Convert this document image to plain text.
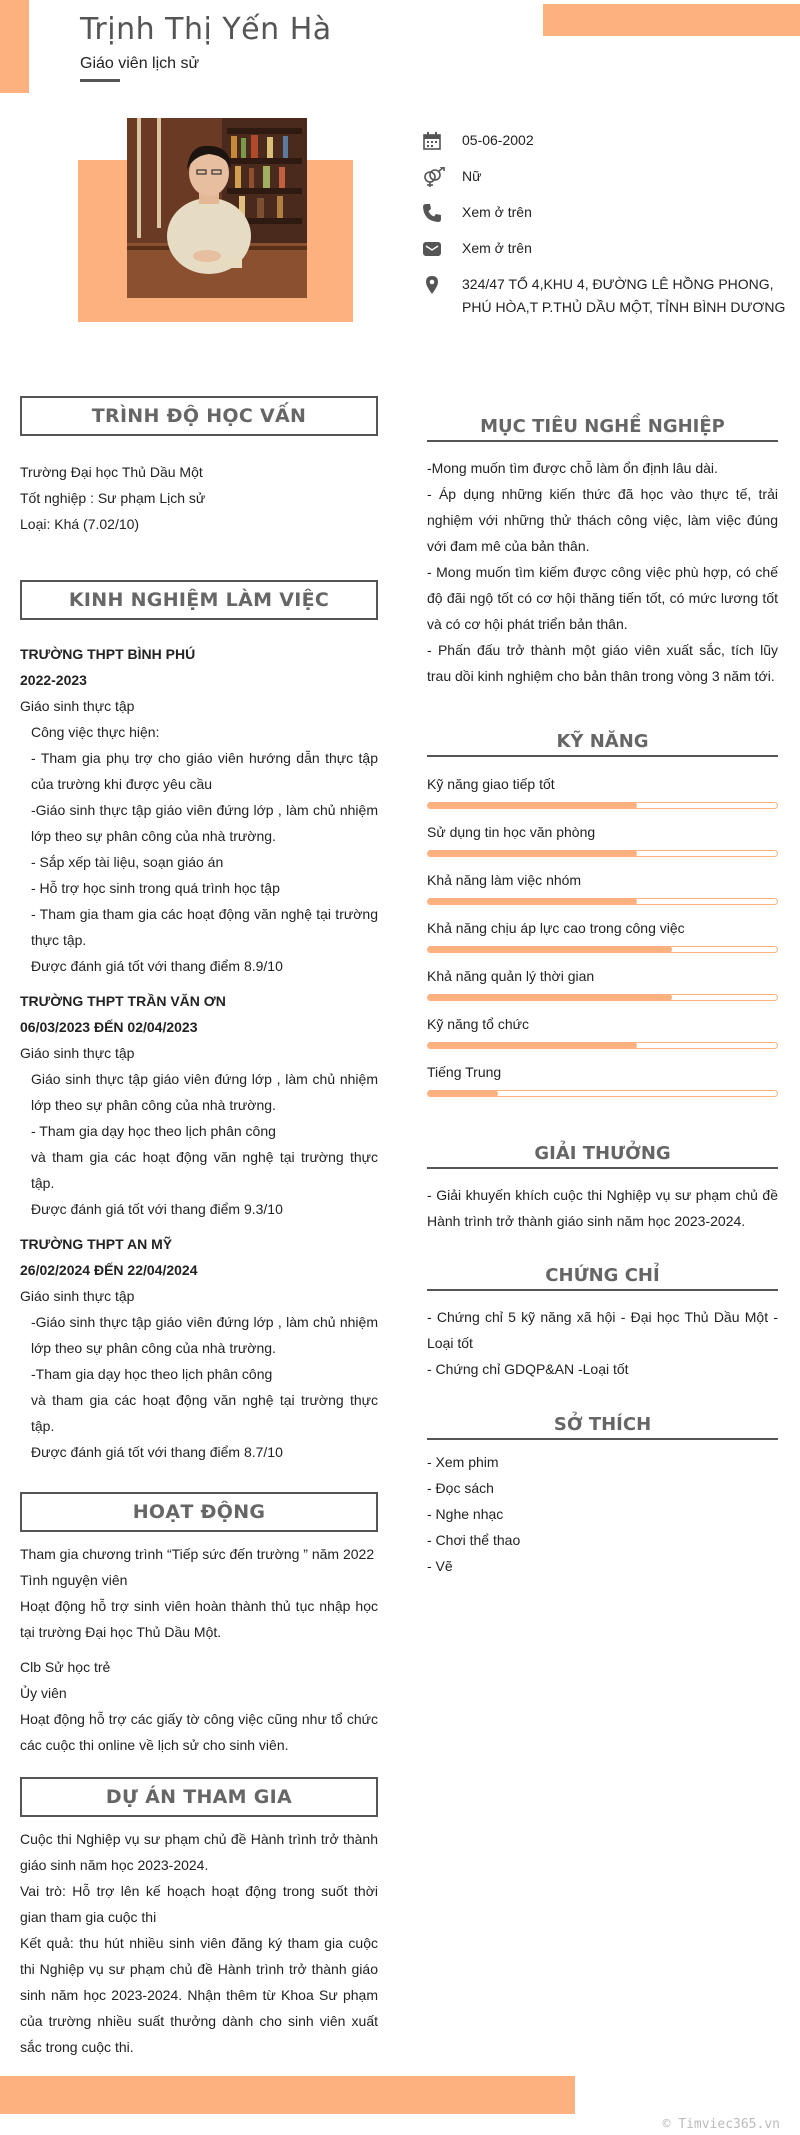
Trịnh Thị Yến Hà
Giáo viên lịch sử
05-06-2002
Nữ
Xem ở trên
Xem ở trên
324/47 TỔ 4,KHU 4, ĐƯỜNG LÊ HỒNG PHONG, PHÚ HÒA,T P.THỦ DẦU MỘT, TỈNH BÌNH DƯƠNG
TRÌNH ĐỘ HỌC VẤN
Trường Đại học Thủ Dầu Một
Tốt nghiệp : Sư phạm Lịch sử
Loại: Khá (7.02/10)
KINH NGHIỆM LÀM VIỆC
TRƯỜNG THPT BÌNH PHÚ
2022-2023
Giáo sinh thực tập
Công việc thực hiện:
- Tham gia phụ trợ cho giáo viên hướng dẫn thực tập của trường khi được yêu cầu
-Giáo sinh thực tập giáo viên đứng lớp , làm chủ nhiệm lớp theo sự phân công của nhà trường.
- Sắp xếp tài liệu, soạn giáo án
- Hỗ trợ học sinh trong quá trình học tập
- Tham gia tham gia các hoạt động văn nghệ tại trường thực tập.
Được đánh giá tốt với thang điểm 8.9/10
TRƯỜNG THPT TRẦN VĂN ƠN
06/03/2023 ĐẾN 02/04/2023
Giáo sinh thực tập
Giáo sinh thực tập giáo viên đứng lớp , làm chủ nhiệm lớp theo sự phân công của nhà trường.
- Tham gia dạy học theo lịch phân công
và tham gia các hoạt động văn nghệ tại trường thực tập.
Được đánh giá tốt với thang điểm 9.3/10
TRƯỜNG THPT AN MỸ
26/02/2024 ĐẾN 22/04/2024
Giáo sinh thực tập
-Giáo sinh thực tập giáo viên đứng lớp , làm chủ nhiệm lớp theo sự phân công của nhà trường.
-Tham gia dạy học theo lịch phân công
và tham gia các hoạt động văn nghệ tại trường thực tập.
Được đánh giá tốt với thang điểm 8.7/10
HOẠT ĐỘNG
Tham gia chương trình “Tiếp sức đến trường ” năm 2022
Tình nguyện viên
Hoạt động hỗ trợ sinh viên hoàn thành thủ tục nhập học tại trường Đại học Thủ Dầu Một.
Clb Sử học trẻ
Ủy viên
Hoạt động hỗ trợ các giấy tờ công việc cũng như tổ chức các cuộc thi online về lịch sử cho sinh viên.
DỰ ÁN THAM GIA
Cuộc thi Nghiệp vụ sư phạm chủ đề Hành trình trở thành giáo sinh năm học 2023-2024.
Vai trò: Hỗ trợ lên kế hoạch hoạt động trong suốt thời gian tham gia cuộc thi
Kết quả: thu hút nhiều sinh viên đăng ký tham gia cuộc thi Nghiệp vụ sư phạm chủ đề Hành trình trở thành giáo sinh năm học 2023-2024. Nhận thêm từ Khoa Sư phạm của trường nhiều suất thưởng dành cho sinh viên xuất sắc trong cuộc thi.
MỤC TIÊU NGHỀ NGHIỆP
-Mong muốn tìm được chỗ làm ổn định lâu dài.
- Áp dụng những kiến thức đã học vào thực tế, trải nghiệm với những thử thách công việc, làm việc đúng với đam mê của bản thân.
- Mong muốn tìm kiếm được công việc phù hợp, có chế độ đãi ngộ tốt có cơ hội thăng tiến tốt, có mức lương tốt và có cơ hội phát triển bản thân.
- Phấn đấu trở thành một giáo viên xuất sắc, tích lũy trau dồi kinh nghiệm cho bản thân trong vòng 3 năm tới.
KỸ NĂNG
Kỹ năng giao tiếp tốt
Sử dụng tin học văn phòng
Khả năng làm việc nhóm
Khả năng chịu áp lực cao trong công việc
Khả năng quản lý thời gian
Kỹ năng tổ chức
Tiếng Trung
GIẢI THƯỞNG
- Giải khuyến khích cuộc thi Nghiệp vụ sư phạm chủ đề Hành trình trở thành giáo sinh năm học 2023-2024.
CHỨNG CHỈ
- Chứng chỉ 5 kỹ năng xã hội - Đại học Thủ Dầu Một - Loại tốt
- Chứng chỉ GDQP&AN -Loại tốt
SỞ THÍCH
- Xem phim
- Đọc sách
- Nghe nhạc
- Chơi thể thao
- Vẽ
© Timviec365.vn
